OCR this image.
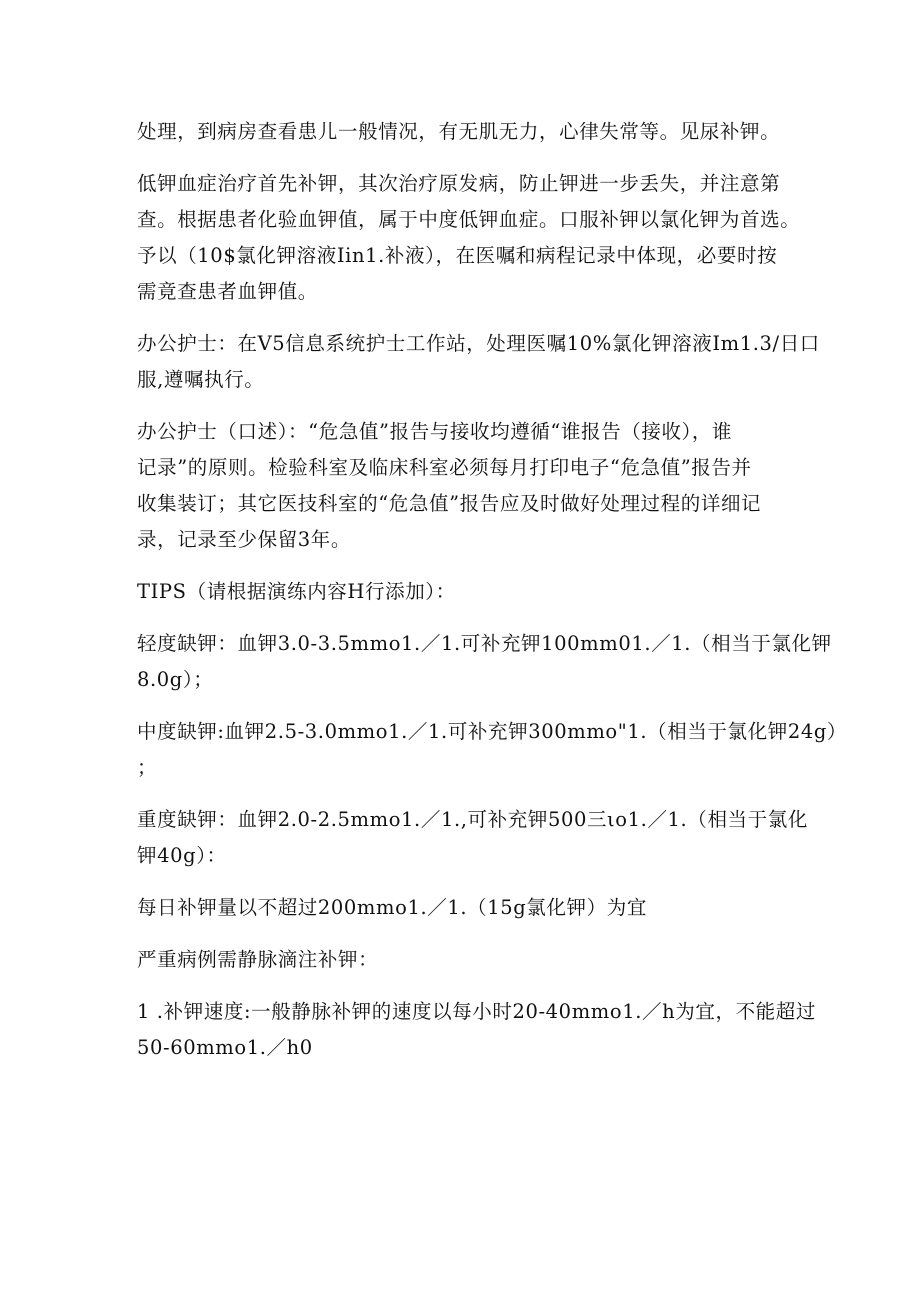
处理，到病房查看患儿一般情况，有无肌无力，心律失常等。见尿补钾。

低钾血症治疗首先补钾，其次治疗原发病，防止钾进一步丢失，并注意第
查。根据患者化验血钾值，属于中度低钾血症。口服补钾以氯化钾为首选。
予以（10$氯化钾溶液Iin1.补液），在医嘱和病程记录中体现，必要时按
需竟查患者血钾值。

办公护士：在V5信息系统护士工作站，处理医嘱10%氯化钾溶液Im1.3/日口
服,遵嘱执行。

办公护士（口述）：“危急值”报告与接收均遵循“谁报告（接收），谁
记录”的原则。检验科室及临床科室必须每月打印电子“危急值”报告并
收集装订；其它医技科室的“危急值”报告应及时做好处理过程的详细记
录，记录至少保留3年。

TIPS（请根据演练内容H行添加）：

轻度缺钾：血钾3.0-3.5mmo1.／1.可补充钾100mm01.／1.（相当于氯化钾
8.0g）；

中度缺钾:血钾2.5-3.0mmo1.／1.可补充钾300mmo"1.（相当于氯化钾24g）
；

重度缺钾：血钾2.0-2.5mmo1.／1.,可补充钾500三ιo1.／1.（相当于氯化
钾40g）：

每日补钾量以不超过200mmo1.／1.（15g氯化钾）为宜

严重病例需静脉滴注补钾：

1 .补钾速度:一般静脉补钾的速度以每小时20-40mmo1.／h为宜，不能超过
50-60mmo1.／h0
